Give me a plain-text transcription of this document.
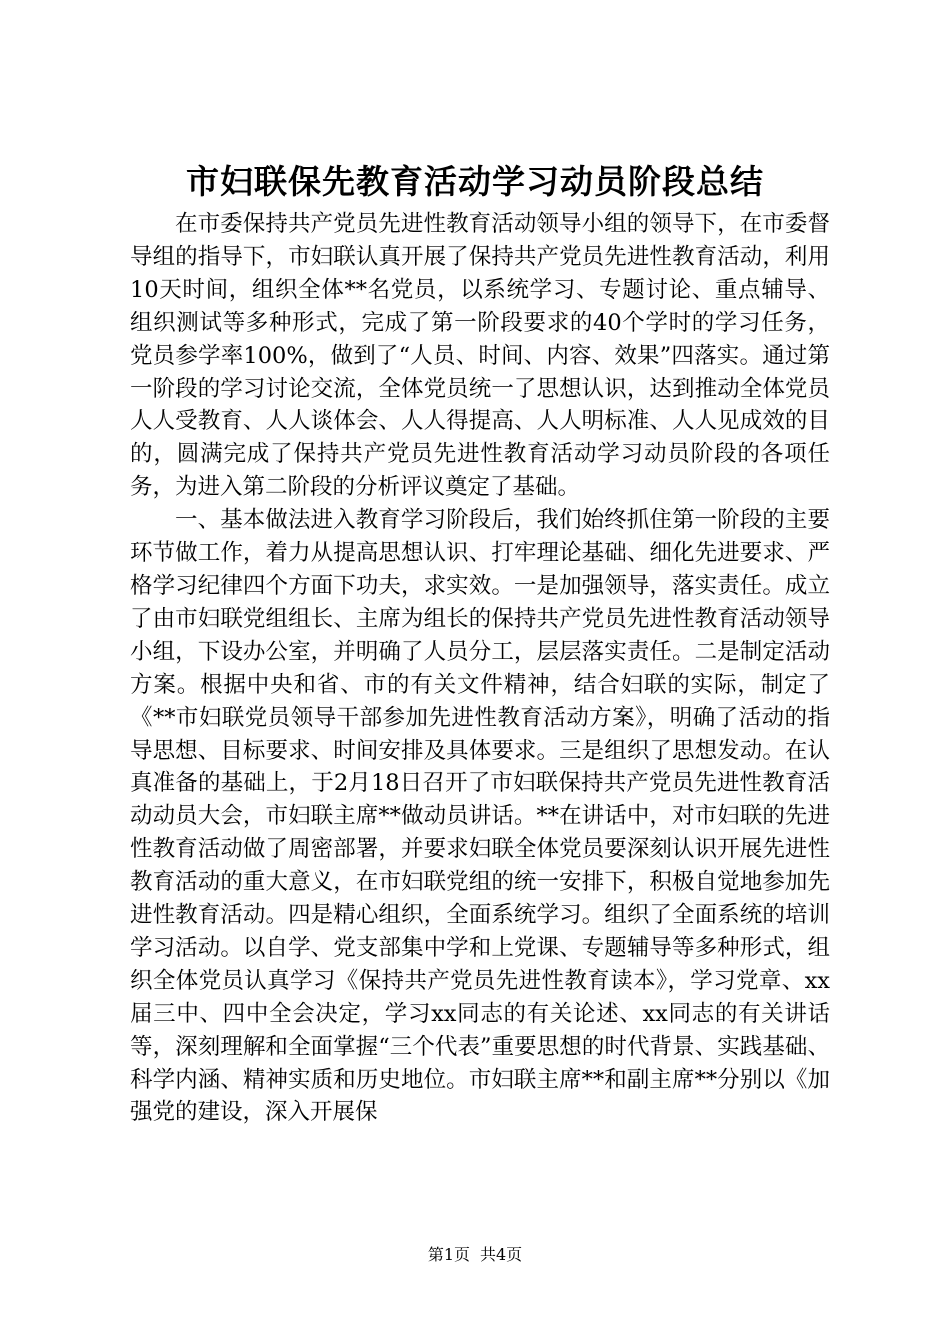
市妇联保先教育活动学习动员阶段总结

在市委保持共产党员先进性教育活动领导小组的领导下，在市委督导组的指导下，市妇联认真开展了保持共产党员先进性教育活动，利用10天时间，组织全体**名党员，以系统学习、专题讨论、重点辅导、组织测试等多种形式，完成了第一阶段要求的40个学时的学习任务，党员参学率100%，做到了“人员、时间、内容、效果”四落实。通过第一阶段的学习讨论交流，全体党员统一了思想认识，达到推动全体党员人人受教育、人人谈体会、人人得提高、人人明标准、人人见成效的目的，圆满完成了保持共产党员先进性教育活动学习动员阶段的各项任务，为进入第二阶段的分析评议奠定了基础。

一、基本做法进入教育学习阶段后，我们始终抓住第一阶段的主要环节做工作，着力从提高思想认识、打牢理论基础、细化先进要求、严格学习纪律四个方面下功夫，求实效。一是加强领导，落实责任。成立了由市妇联党组组长、主席为组长的保持共产党员先进性教育活动领导小组，下设办公室，并明确了人员分工，层层落实责任。二是制定活动方案。根据中央和省、市的有关文件精神，结合妇联的实际，制定了《**市妇联党员领导干部参加先进性教育活动方案》，明确了活动的指导思想、目标要求、时间安排及具体要求。三是组织了思想发动。在认真准备的基础上，于2月18日召开了市妇联保持共产党员先进性教育活动动员大会，市妇联主席**做动员讲话。**在讲话中，对市妇联的先进性教育活动做了周密部署，并要求妇联全体党员要深刻认识开展先进性教育活动的重大意义，在市妇联党组的统一安排下，积极自觉地参加先进性教育活动。四是精心组织，全面系统学习。组织了全面系统的培训学习活动。以自学、党支部集中学和上党课、专题辅导等多种形式，组织全体党员认真学习《保持共产党员先进性教育读本》，学习党章、xx届三中、四中全会决定，学习xx同志的有关论述、xx同志的有关讲话等，深刻理解和全面掌握“三个代表”重要思想的时代背景、实践基础、科学内涵、精神实质和历史地位。市妇联主席**和副主席**分别以《加强党的建设，深入开展保

第1页 共4页
